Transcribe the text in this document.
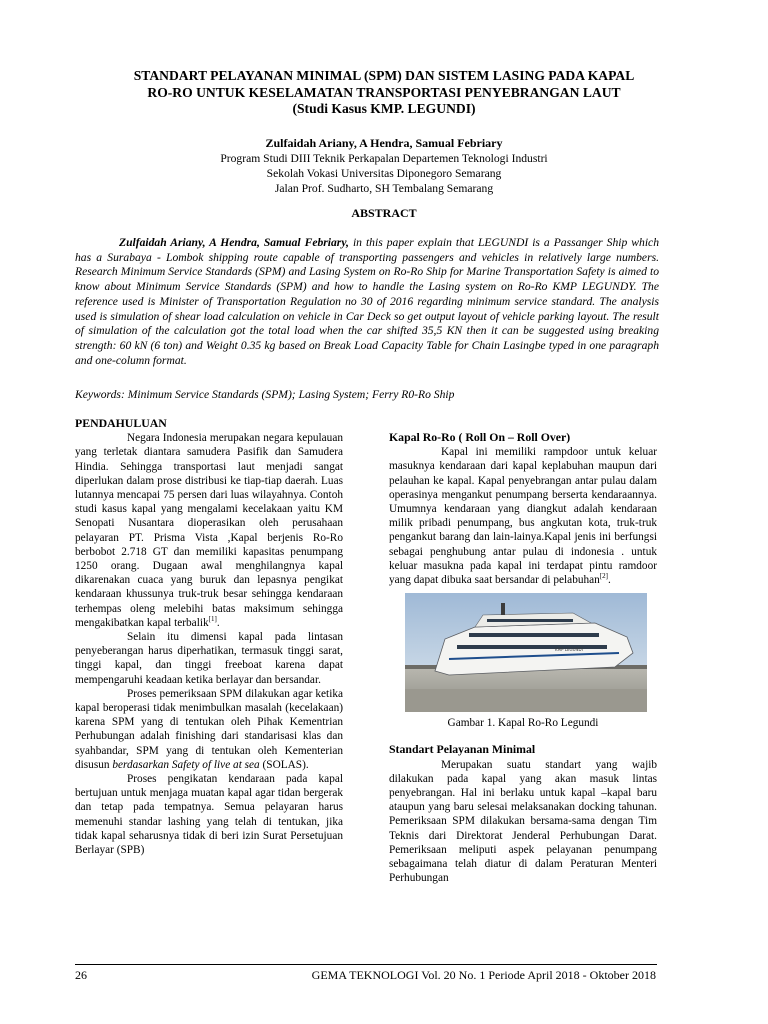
STANDART PELAYANAN MINIMAL (SPM) DAN SISTEM LASING PADA KAPAL
RO-RO UNTUK KESELAMATAN TRANSPORTASI PENYEBRANGAN LAUT
(Studi Kasus KMP. LEGUNDI)
Zulfaidah Ariany, A Hendra, Samual Febriary
Program Studi DIII Teknik Perkapalan Departemen Teknologi Industri
Sekolah Vokasi Universitas Diponegoro Semarang
Jalan Prof. Sudharto, SH Tembalang Semarang
ABSTRACT

Zulfaidah Ariany, A Hendra, Samual Febriary, in this paper explain that LEGUNDI is a Passanger Ship which has a Surabaya - Lombok shipping route capable of transporting passengers and vehicles in relatively large numbers. Research Minimum Service Standards (SPM) and Lasing System on Ro-Ro Ship for Marine Transportation Safety is aimed to know about Minimum Service Standards (SPM) and how to handle the Lasing system on Ro-Ro KMP LEGUNDY. The reference used is Minister of Transportation Regulation no 30 of 2016 regarding minimum service standard. The analysis used is simulation of shear load calculation on vehicle in Car Deck so get output layout of vehicle parking layout. The result of simulation of the calculation got the total load when the car shifted 35,5 KN then it can be suggested using breaking strength: 60 kN (6 ton) and Weight 0.35 kg based on Break Load Capacity Table for Chain Lasingbe typed in one paragraph and one-column format.

Keywords: Minimum Service Standards (SPM); Lasing System; Ferry R0-Ro Ship

PENDAHULUAN

Negara Indonesia merupakan negara kepulauan yang terletak diantara samudera Pasifik dan Samudera Hindia. Sehingga transportasi laut menjadi sangat diperlukan dalam prose distribusi ke tiap-tiap daerah. Luas lutannya mencapai 75 persen dari luas wilayahnya. Contoh studi kasus kapal yang mengalami kecelakaan yaitu KM Senopati Nusantara dioperasikan oleh perusahaan pelayaran PT. Prisma Vista ,Kapal berjenis Ro-Ro berbobot 2.718 GT dan memiliki kapasitas penumpang 1250 orang. Dugaan awal menghilangnya kapal dikarenakan cuaca yang buruk dan lepasnya pengikat kendaraan khussunya truk-truk besar sehingga kendaraan terhempas oleng melebihi batas maksimum sehingga mengakibatkan kapal terbalik[1].

Selain itu dimensi kapal pada lintasan penyeberangan harus diperhatikan, termasuk tinggi sarat, tinggi kapal, dan tinggi freeboat karena dapat mempengaruhi keadaan ketika berlayar dan bersandar.

Proses pemeriksaan SPM dilakukan agar ketika kapal beroperasi tidak menimbulkan masalah (kecelakaan) karena SPM yang di tentukan oleh Pihak Kementrian Perhubungan adalah finishing dari standarisasi klas dan syahbandar, SPM yang di tentukan oleh Kementerian disusun berdasarkan Safety of live at sea (SOLAS).

Proses pengikatan kendaraan pada kapal bertujuan untuk menjaga muatan kapal agar tidan bergerak dan tetap pada tempatnya. Semua pelayaran harus memenuhi standar lashing yang telah di tentukan, jika tidak kapal seharusnya tidak di beri izin Surat Persetujuan Berlayar (SPB)

Kapal Ro-Ro ( Roll On – Roll Over)

Kapal ini memiliki rampdoor untuk keluar masuknya kendaraan dari kapal keplabuhan maupun dari pelauhan ke kapal. Kapal penyebrangan antar pulau dalam operasinya mengankut penumpang berserta kendaraannya. Umumnya kendaraan yang diangkut adalah kendaraan milik pribadi penumpang, bus angkutan kota, truk-truk pengankut barang dan lain-lainya.Kapal jenis ini berfungsi sebagai penghubung antar pulau di indonesia . untuk keluar masukna pada kapal ini terdapat pintu ramdoor yang dapat dibuka saat bersandar di pelabuhan[2].

KMP LEGUNDI
Gambar 1. Kapal Ro-Ro Legundi
Standart Pelayanan Minimal

Merupakan suatu standart yang wajib dilakukan pada kapal yang akan masuk lintas penyebrangan. Hal ini berlaku untuk kapal –kapal baru ataupun yang baru selesai melaksanakan docking tahunan. Pemeriksaan SPM dilakukan bersama-sama dengan Tim Teknis dari Direktorat Jenderal Perhubungan Darat. Pemeriksaan meliputi aspek pelayanan penumpang sebagaimana telah diatur di dalam Peraturan Menteri Perhubungan

26	GEMA TEKNOLOGI Vol. 20 No. 1 Periode April 2018 - Oktober 2018
